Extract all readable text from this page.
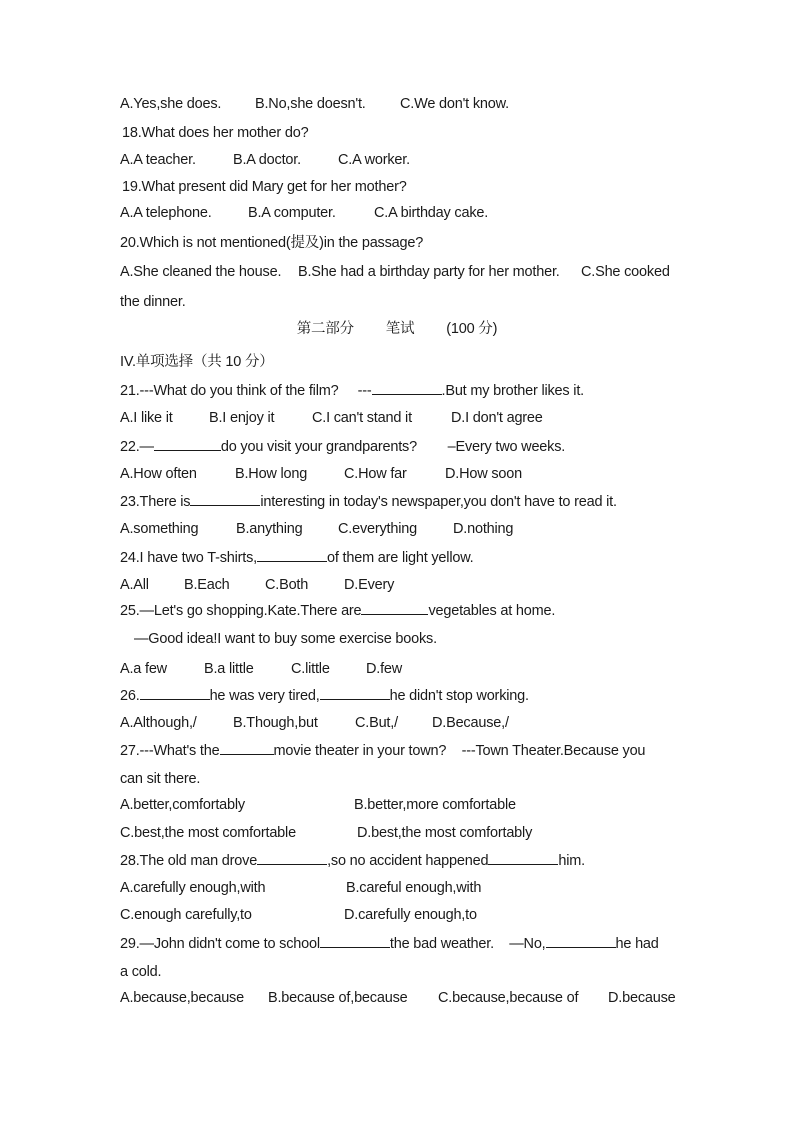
A.Yes,she does. B.No,she doesn't. C.We don't know.
18.What does her mother do?
A.A teacher.	B.A doctor.	C.A worker.
19.What present did Mary get for her mother?
A.A telephone.	B.A computer.	C.A birthday cake.
20.Which is not mentioned(提及)in the passage?
A.She cleaned the house. B.She had a birthday party for her mother. C.She cooked
the dinner.
第二部分 笔试 (100 分)
IV.单项选择（共 10 分）
21.---What do you think of the film? ---	.But my brother likes it.
A.I like it	B.I enjoy it	C.I can't stand it	D.I don't agree
22.—	do you visit your grandparents? –Every two weeks.
A.How often	B.How long	C.How far	D.How soon
23.There is	interesting in today's newspaper,you don't have to read it.
A.something	B.anything C.everything D.nothing
24.I have two T-shirts,	of them are light yellow.
A.All B.Each C.Both D.Every
25.—Let's go shopping.Kate.There are	vegetables at home.
—Good idea!I want to buy some exercise books.
A.a few	B.a little	C.little	D.few
26.	he was very tired,	he didn't stop working.
A.Although,/	B.Though,but	C.But,/ D.Because,/
27.---What's the	movie theater in your town? ---Town Theater.Because you
can sit there.
A.better,comfortably	B.better,more comfortable
C.best,the most comfortable	D.best,the most comfortably
28.The old man drove	,so no accident happened	him.
A.carefully enough,with	B.careful enough,with
C.enough carefully,to	D.carefully enough,to
29.—John didn't come to school	the bad weather. —No,	he had
a cold.
A.because,because B.because of,because C.because,because of D.because
